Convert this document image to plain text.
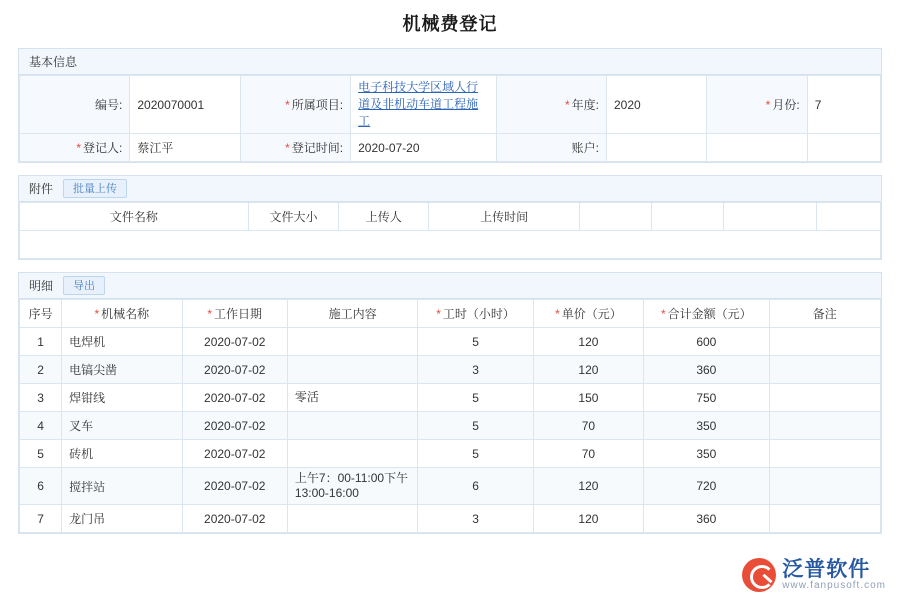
机械费登记
基本信息
编号:	2020070001	* 所属项目:	电子科技大学区域人行道及非机动车道工程施工	* 年度:	2020	* 月份:	7
* 登记人:	蔡江平	* 登记时间:	2020-07-20	账户:			
附件	批量上传
文件名称	文件大小	上传人	上传时间				

明细	导出
序号	* 机械名称	* 工作日期	施工内容	* 工时（小时）	* 单价（元）	* 合计金额（元）	备注
1	电焊机	2020-07-02		5	120	600	
2	电镐尖凿	2020-07-02		3	120	360	
3	焊钳线	2020-07-02	零活	5	150	750	
4	叉车	2020-07-02		5	70	350	
5	砖机	2020-07-02		5	70	350	
6	搅拌站	2020-07-02	上午7：00-11:00下午13:00-16:00	6	120	720	
7	龙门吊	2020-07-02		3	120	360	
泛普软件
www.fanpusoft.com
